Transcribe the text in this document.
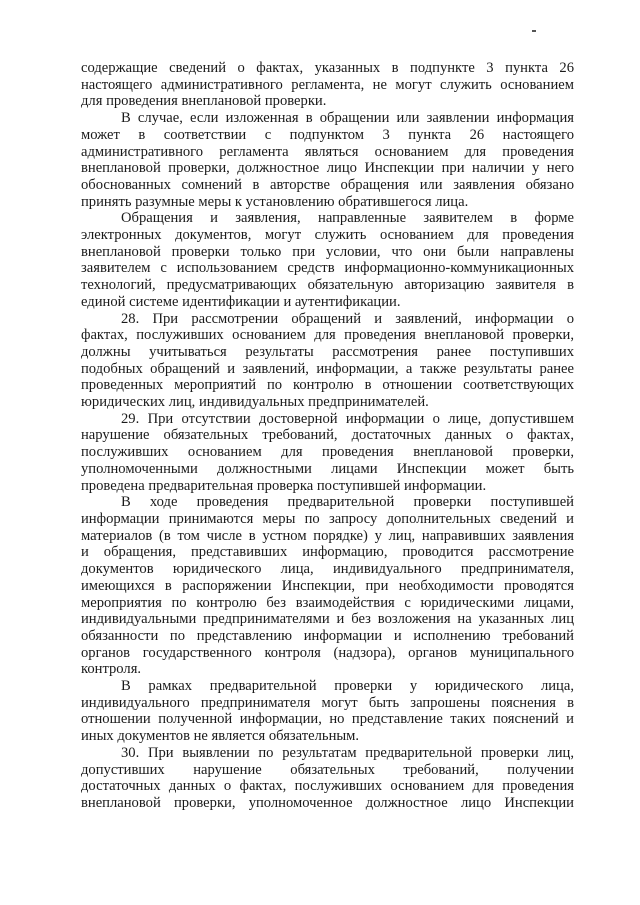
содержащие сведений о фактах, указанных в подпункте 3 пункта 26
настоящего административного регламента, не могут служить основанием
для проведения внеплановой проверки.
В случае, если изложенная в обращении или заявлении информация
может в соответствии с подпунктом 3 пункта 26 настоящего
административного регламента являться основанием для проведения
внеплановой проверки, должностное лицо Инспекции при наличии у него
обоснованных сомнений в авторстве обращения или заявления обязано
принять разумные меры к установлению обратившегося лица.
Обращения и заявления, направленные заявителем в форме
электронных документов, могут служить основанием для проведения
внеплановой проверки только при условии, что они были направлены
заявителем с использованием средств информационно-коммуникационных
технологий, предусматривающих обязательную авторизацию заявителя в
единой системе идентификации и аутентификации.
28. При рассмотрении обращений и заявлений, информации о
фактах, послуживших основанием для проведения внеплановой проверки,
должны учитываться результаты рассмотрения ранее поступивших
подобных обращений и заявлений, информации, а также результаты ранее
проведенных мероприятий по контролю в отношении соответствующих
юридических лиц, индивидуальных предпринимателей.
29. При отсутствии достоверной информации о лице, допустившем
нарушение обязательных требований, достаточных данных о фактах,
послуживших основанием для проведения внеплановой проверки,
уполномоченными должностными лицами Инспекции может быть
проведена предварительная проверка поступившей информации.
В ходе проведения предварительной проверки поступившей
информации принимаются меры по запросу дополнительных сведений и
материалов (в том числе в устном порядке) у лиц, направивших заявления
и обращения, представивших информацию, проводится рассмотрение
документов юридического лица, индивидуального предпринимателя,
имеющихся в распоряжении Инспекции, при необходимости проводятся
мероприятия по контролю без взаимодействия с юридическими лицами,
индивидуальными предпринимателями и без возложения на указанных лиц
обязанности по представлению информации и исполнению требований
органов государственного контроля (надзора), органов муниципального
контроля.
В рамках предварительной проверки у юридического лица,
индивидуального предпринимателя могут быть запрошены пояснения в
отношении полученной информации, но представление таких пояснений и
иных документов не является обязательным.
30. При выявлении по результатам предварительной проверки лиц,
допустивших нарушение обязательных требований, получении
достаточных данных о фактах, послуживших основанием для проведения
внеплановой проверки, уполномоченное должностное лицо Инспекции
